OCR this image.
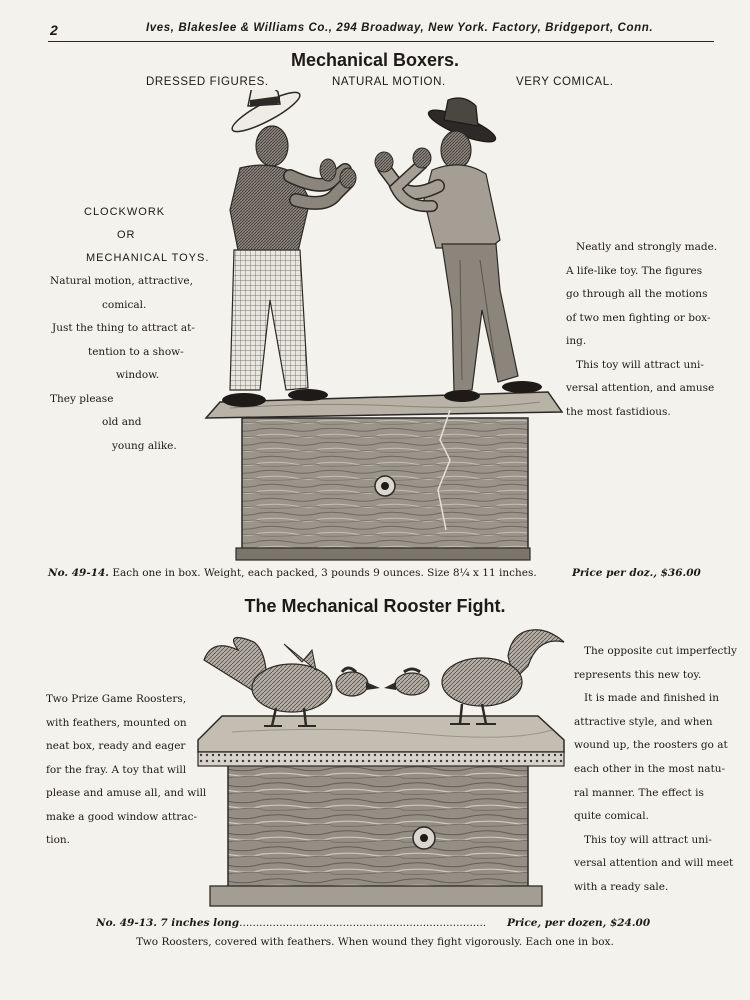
2	Ives, Blakeslee & Williams Co., 294 Broadway, New York. Factory, Bridgeport, Conn.
Mechanical Boxers.
DRESSED FIGURES.	NATURAL MOTION.	VERY COMICAL.
CLOCKWORK
OR
MECHANICAL TOYS.
Natural motion, attractive,
comical.
Just the thing to attract at-
tention to a show-
window.
They please
old and
young alike.
Neatly and strongly made.
A life-like toy. The figures
go through all the motions
of two men fighting or box-
ing.
This toy will attract uni-
versal attention, and amuse
the most fastidious.
No. 49-14. Each one in box. Weight, each packed, 3 pounds 9 ounces. Size 8¼ x 11 inches.	Price per doz., $36.00
The Mechanical Rooster Fight.
Two Prize Game Roosters,
with feathers, mounted on
neat box, ready and eager
for the fray. A toy that will
please and amuse all, and will
make a good window attrac-
tion.
The opposite cut imperfectly
represents this new toy.
It is made and finished in
attractive style, and when
wound up, the roosters go at
each other in the most natu-
ral manner. The effect is
quite comical.
This toy will attract uni-
versal attention and will meet
with a ready sale.
No. 49-13. 7 inches long..........................................................................	Price, per dozen, $24.00
Two Roosters, covered with feathers. When wound they fight vigorously. Each one in box.
